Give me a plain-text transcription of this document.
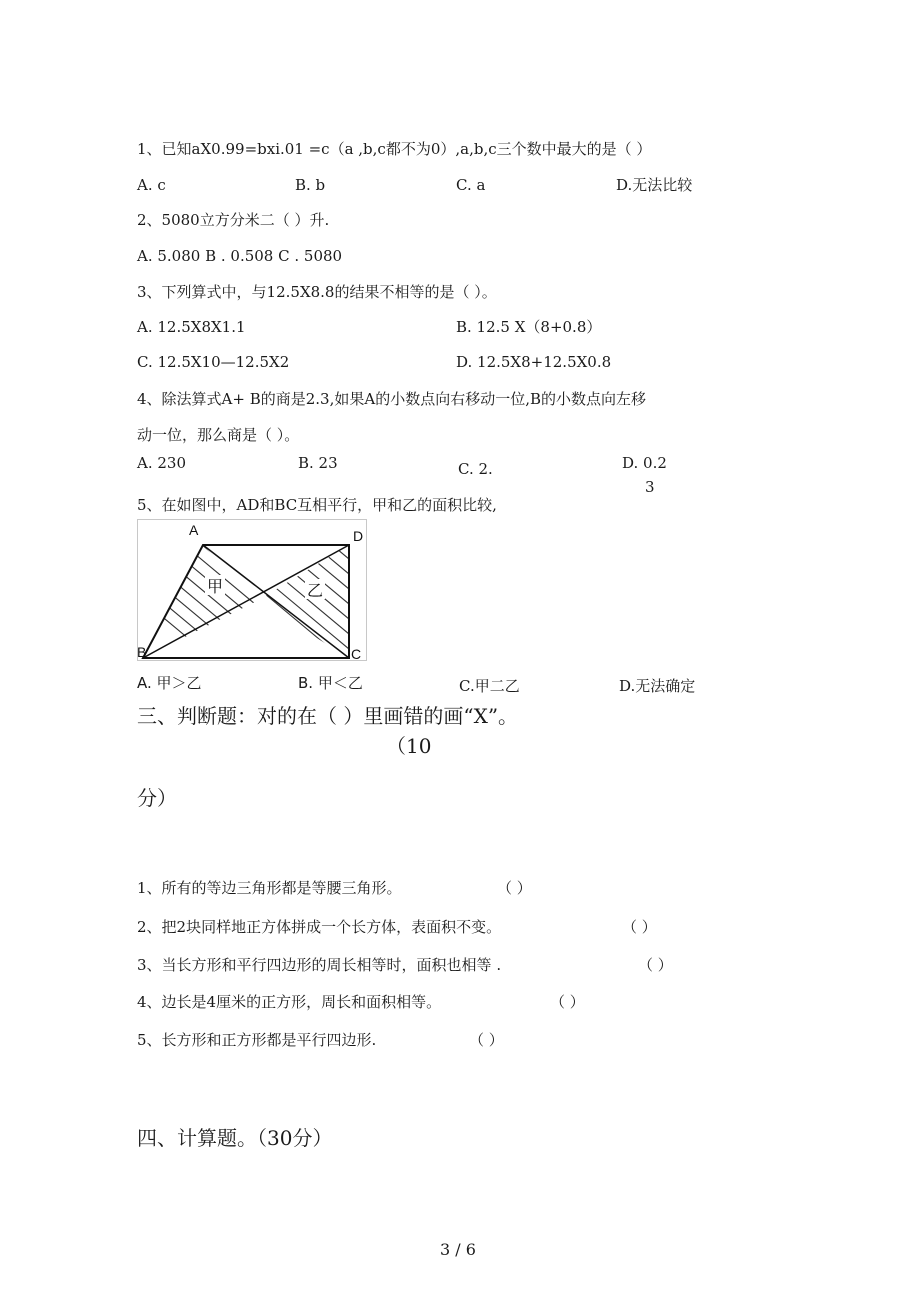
1、已知aX0.99=bxi.01 =c（a ,b,c都不为0）,a,b,c三个数中最大的是（ ）
A. c	B. b	C. a	D.无法比较
2、5080立方分米二（ ）升.
A. 5.080 B . 0.508 C . 5080
3、下列算式中，与12.5X8.8的结果不相等的是（ ）。
A. 12.5X8X1.1	B. 12.5 X（8+0.8）
C. 12.5X10—12.5X2	D. 12.5X8+12.5X0.8
4、除法算式A+ B的商是2.3,如果A的小数点向右移动一位,B的小数点向左移
动一位，那么商是（ ）。
A. 230	B. 23	C. 2.	D. 0.2
3
5、在如图中，AD和BC互相平行，甲和乙的面积比较,
A	D
B	C
甲	乙
A. 甲＞乙	B. 甲＜乙	C.甲二乙	D.无法确定
三、判断题：对的在（ ）里画错的画“X”。
（10
分）
1、所有的等边三角形都是等腰三角形。	（ ）
2、把2块同样地正方体拼成一个长方体，表面积不变。	（ ）
3、当长方形和平行四边形的周长相等时，面积也相等 .	（ ）
4、边长是4厘米的正方形，周长和面积相等。	（ ）
5、长方形和正方形都是平行四边形.	（ ）
四、计算题。（30分）
3 / 6
